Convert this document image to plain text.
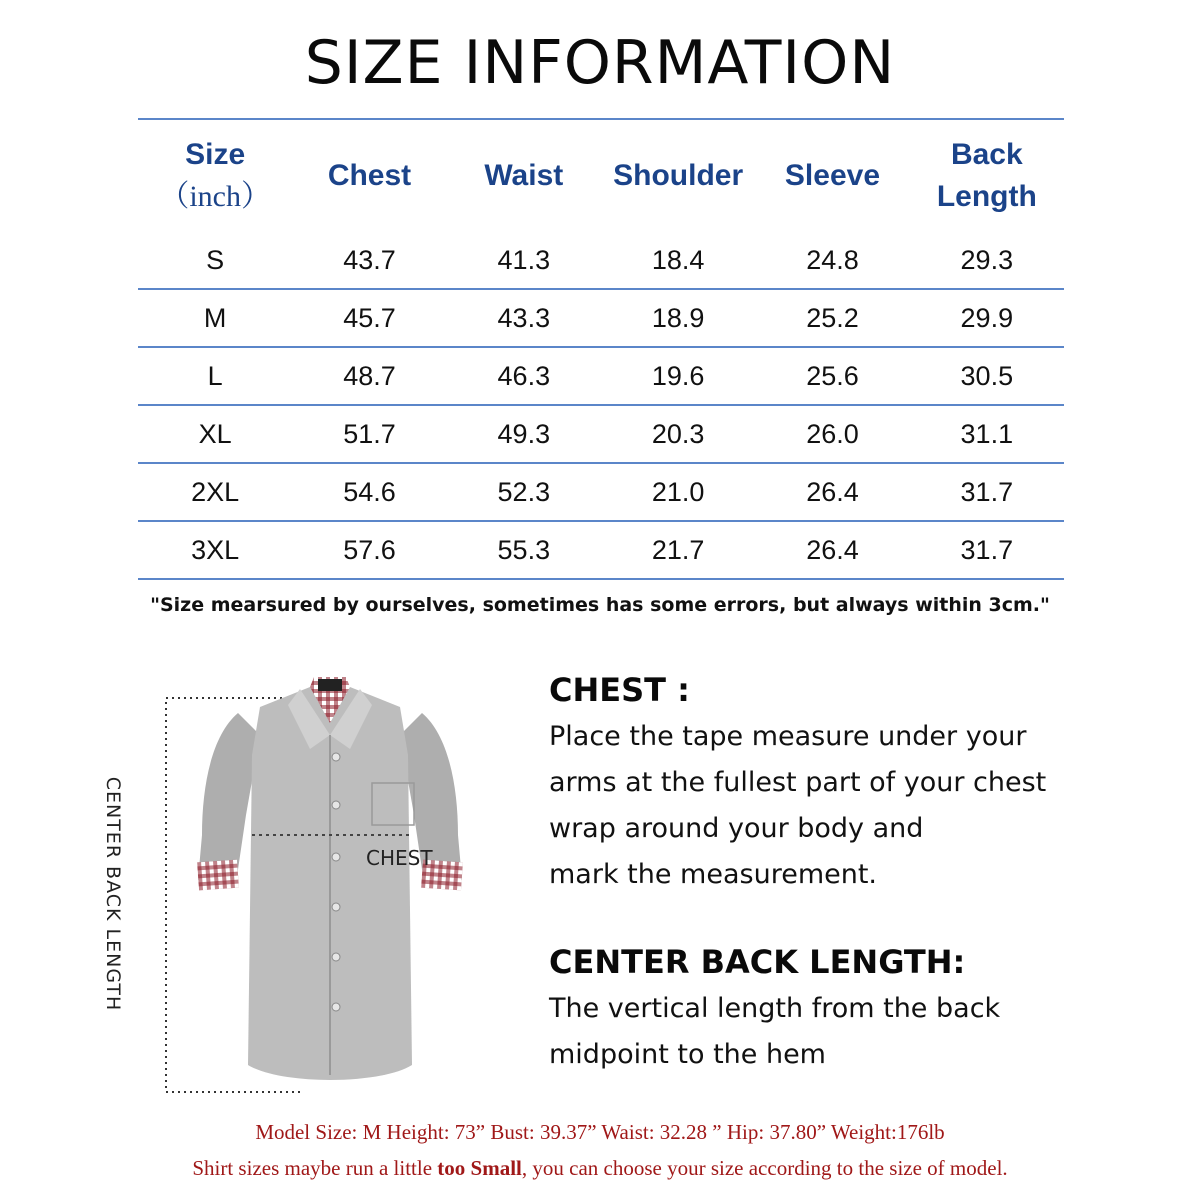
SIZE INFORMATION
Size
（inch）	Chest	Waist	Shoulder	Sleeve	Back Length
S	43.7	41.3	18.4	24.8	29.3
M	45.7	43.3	18.9	25.2	29.9
L	48.7	46.3	19.6	25.6	30.5
XL	51.7	49.3	20.3	26.0	31.1
2XL	54.6	52.3	21.0	26.4	31.7
3XL	57.6	55.3	21.7	26.4	31.7
"Size mearsured by ourselves, sometimes has some errors, but always within 3cm."
CENTER BACK LENGTH	CHEST
CHEST :

Place the tape measure under your
arms at the fullest part of your chest
wrap around your body and
mark the measurement.

CENTER BACK LENGTH:

The vertical length from the back
midpoint to the hem

Model Size: M Height: 73” Bust: 39.37” Waist: 32.28 ” Hip: 37.80” Weight:176lb
Shirt sizes maybe run a little too Small, you can choose your size according to the size of model.
